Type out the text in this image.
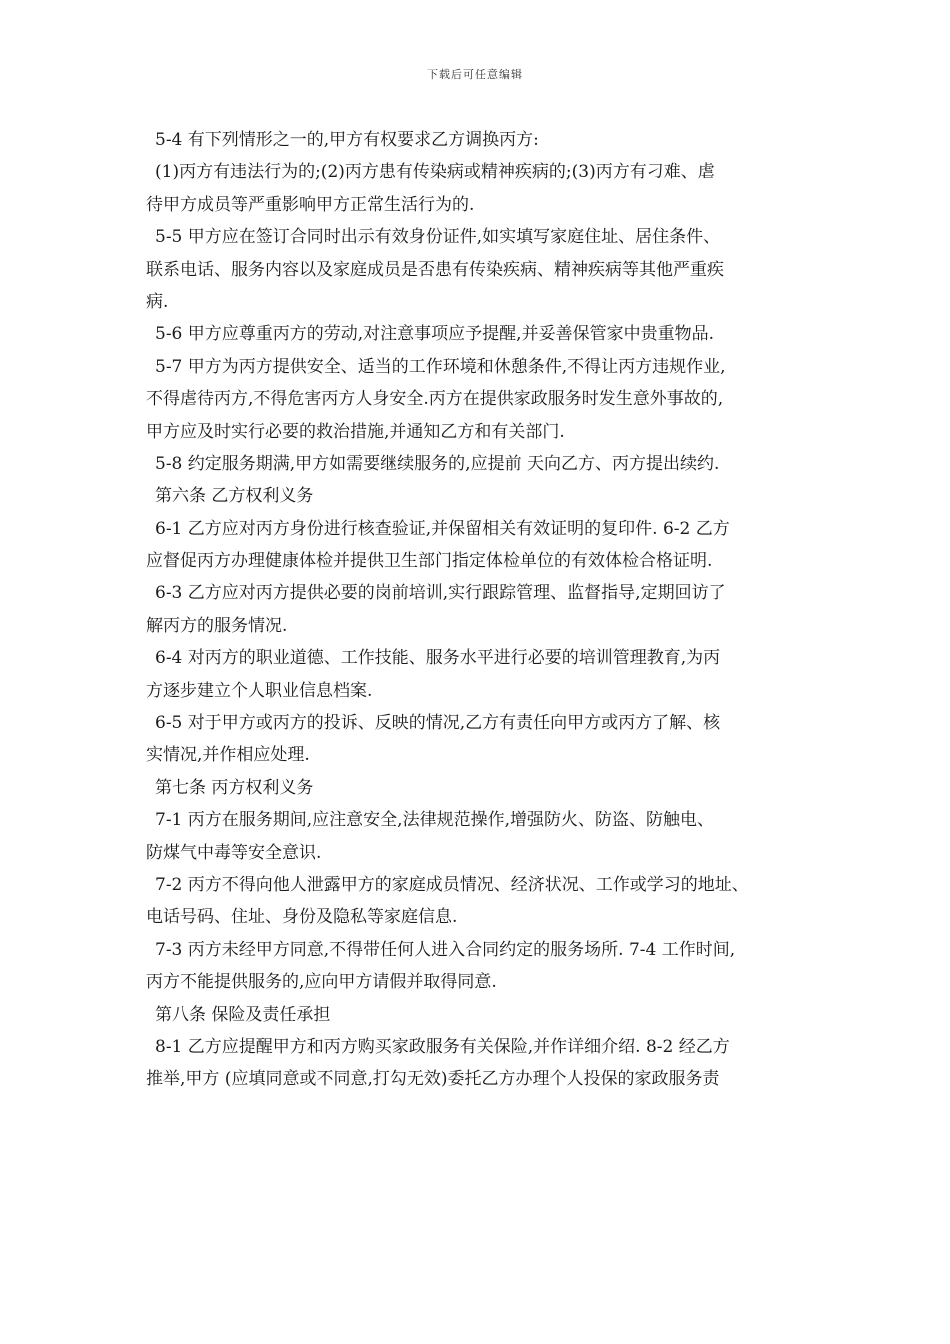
下载后可任意编辑
5-4 有下列情形之一的,甲方有权要求乙方调换丙方:
(1)丙方有违法行为的;(2)丙方患有传染病或精神疾病的;(3)丙方有刁难、虐
待甲方成员等严重影响甲方正常生活行为的.
5-5 甲方应在签订合同时出示有效身份证件,如实填写家庭住址、居住条件、
联系电话、服务内容以及家庭成员是否患有传染疾病、精神疾病等其他严重疾
病.
5-6 甲方应尊重丙方的劳动,对注意事项应予提醒,并妥善保管家中贵重物品.
5-7 甲方为丙方提供安全、适当的工作环境和休憩条件,不得让丙方违规作业,
不得虐待丙方,不得危害丙方人身安全.丙方在提供家政服务时发生意外事故的,
甲方应及时实行必要的救治措施,并通知乙方和有关部门.
5-8 约定服务期满,甲方如需要继续服务的,应提前 天向乙方、丙方提出续约.
第六条 乙方权利义务
6-1 乙方应对丙方身份进行核查验证,并保留相关有效证明的复印件. 6-2 乙方
应督促丙方办理健康体检并提供卫生部门指定体检单位的有效体检合格证明.
6-3 乙方应对丙方提供必要的岗前培训,实行跟踪管理、监督指导,定期回访了
解丙方的服务情况.
6-4 对丙方的职业道德、工作技能、服务水平进行必要的培训管理教育,为丙
方逐步建立个人职业信息档案.
6-5 对于甲方或丙方的投诉、反映的情况,乙方有责任向甲方或丙方了解、核
实情况,并作相应处理.
第七条 丙方权利义务
7-1 丙方在服务期间,应注意安全,法律规范操作,增强防火、防盗、防触电、
防煤气中毒等安全意识.
7-2 丙方不得向他人泄露甲方的家庭成员情况、经济状况、工作或学习的地址、
电话号码、住址、身份及隐私等家庭信息.
7-3 丙方未经甲方同意,不得带任何人进入合同约定的服务场所. 7-4 工作时间,
丙方不能提供服务的,应向甲方请假并取得同意.
第八条 保险及责任承担
8-1 乙方应提醒甲方和丙方购买家政服务有关保险,并作详细介绍. 8-2 经乙方
推举,甲方 (应填同意或不同意,打勾无效)委托乙方办理个人投保的家政服务责
